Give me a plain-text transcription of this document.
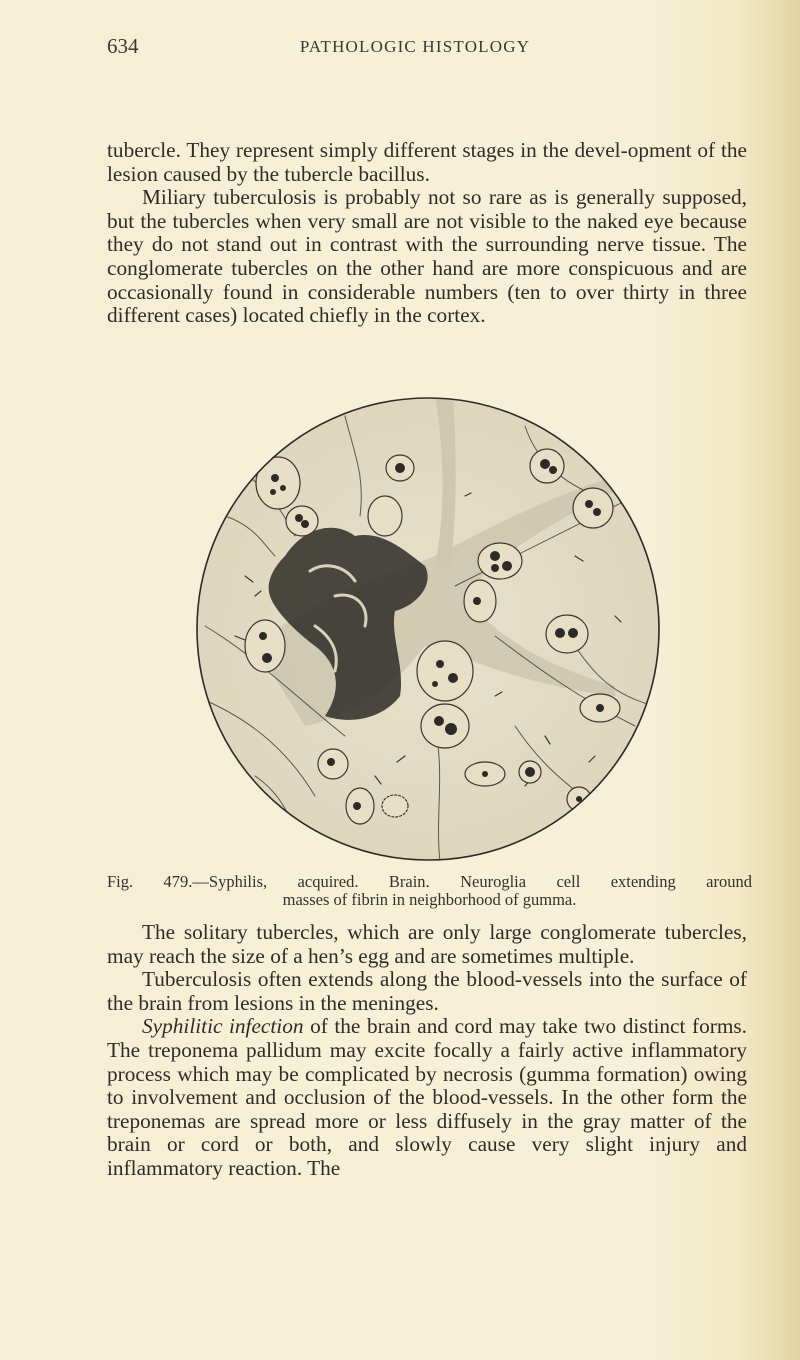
634	PATHOLOGIC HISTOLOGY

tubercle. They represent simply different stages in the devel-opment of the lesion caused by the tubercle bacillus.

Miliary tuberculosis is probably not so rare as is generally supposed, but the tubercles when very small are not visible to the naked eye because they do not stand out in contrast with the surrounding nerve tissue. The conglomerate tubercles on the other hand are more conspicuous and are occasionally found in considerable numbers (ten to over thirty in three different cases) located chiefly in the cortex.

Fig. 479.—Syphilis, acquired. Brain. Neuroglia cell extending around
masses of fibrin in neighborhood of gumma.

The solitary tubercles, which are only large conglomerate tubercles, may reach the size of a hen’s egg and are sometimes multiple.

Tuberculosis often extends along the blood-vessels into the surface of the brain from lesions in the meninges.

Syphilitic infection of the brain and cord may take two distinct forms. The treponema pallidum may excite focally a fairly active inflammatory process which may be complicated by necrosis (gumma formation) owing to involvement and occlusion of the blood-vessels. In the other form the treponemas are spread more or less diffusely in the gray matter of the brain or cord or both, and slowly cause very slight injury and inflammatory reaction. The
